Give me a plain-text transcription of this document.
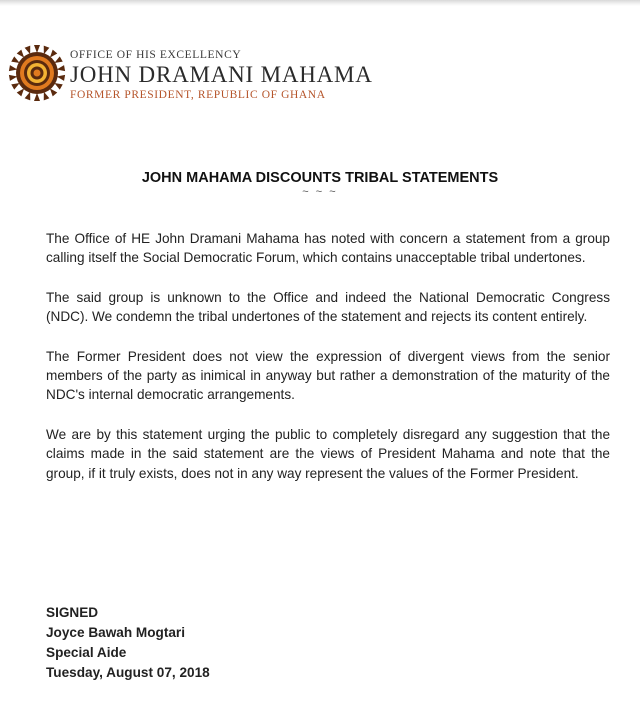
OFFICE OF HIS EXCELLENCY
JOHN DRAMANI MAHAMA
FORMER PRESIDENT, REPUBLIC OF GHANA
JOHN MAHAMA DISCOUNTS TRIBAL STATEMENTS
~ ~ ~

The Office of HE John Dramani Mahama has noted with concern a statement from a group calling itself the Social Democratic Forum, which contains unacceptable tribal undertones.

The said group is unknown to the Office and indeed the National Democratic Congress (NDC). We condemn the tribal undertones of the statement and rejects its content entirely.

The Former President does not view the expression of divergent views from the senior members of the party as inimical in anyway but rather a demonstration of the maturity of the NDC's internal democratic arrangements.

We are by this statement urging the public to completely disregard any suggestion that the claims made in the said statement are the views of President Mahama and note that the group, if it truly exists, does not in any way represent the values of the Former President.

SIGNED
Joyce Bawah Mogtari
Special Aide
Tuesday, August 07, 2018
